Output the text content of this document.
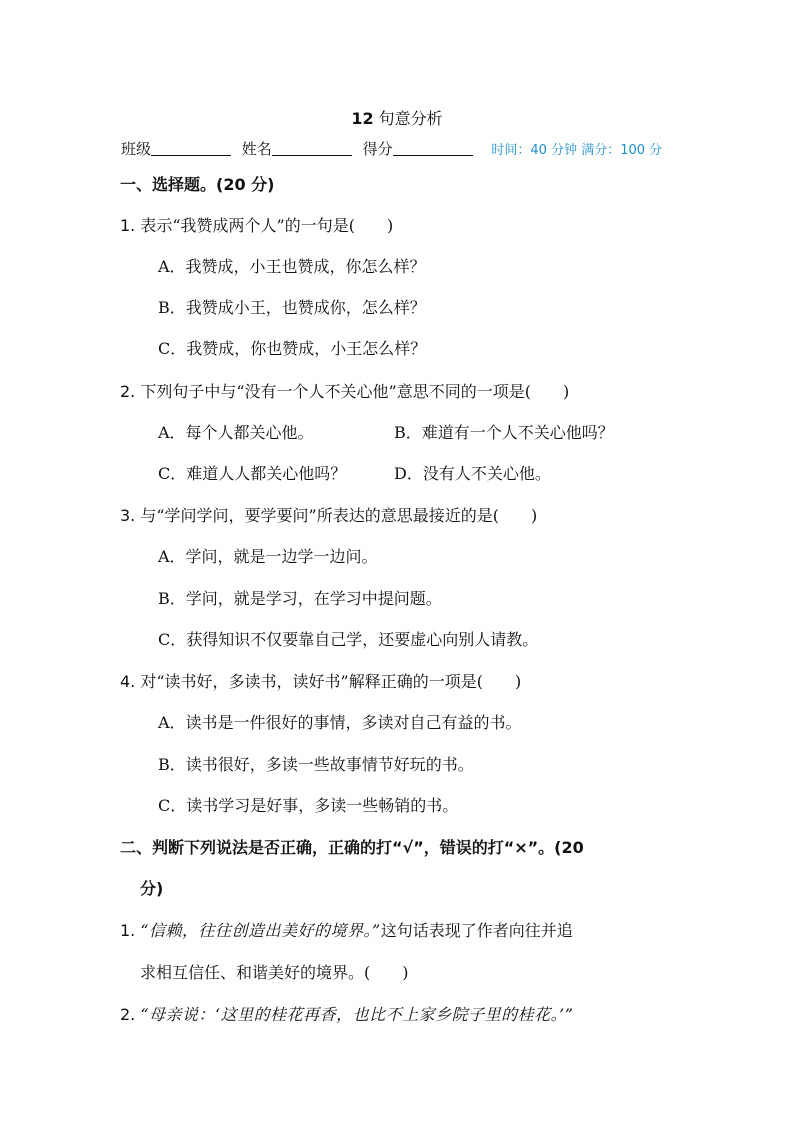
12 句意分析
班级	姓名	得分	时间：40 分钟 满分：100 分
一、选择题。(20 分)
1. 表示“我赞成两个人”的一句是(　　)
A．我赞成，小王也赞成，你怎么样？
B．我赞成小王，也赞成你，怎么样？
C．我赞成，你也赞成，小王怎么样？
2. 下列句子中与“没有一个人不关心他”意思不同的一项是(　　)
A．每个人都关心他。	B．难道有一个人不关心他吗？
C．难道人人都关心他吗？	D．没有人不关心他。
3. 与“学问学问，要学要问”所表达的意思最接近的是(　　)
A．学问，就是一边学一边问。
B．学问，就是学习，在学习中提问题。
C．获得知识不仅要靠自己学，还要虚心向别人请教。
4. 对“读书好，多读书，读好书”解释正确的一项是(　　)
A．读书是一件很好的事情，多读对自己有益的书。
B．读书很好，多读一些故事情节好玩的书。
C．读书学习是好事，多读一些畅销的书。
二、判断下列说法是否正确，正确的打“√”，错误的打“×”。(20
分)
1. “信赖，往往创造出美好的境界。”这句话表现了作者向往并追
求相互信任、和谐美好的境界。(　　)
2. “母亲说：‘这里的桂花再香，也比不上家乡院子里的桂花。’”
